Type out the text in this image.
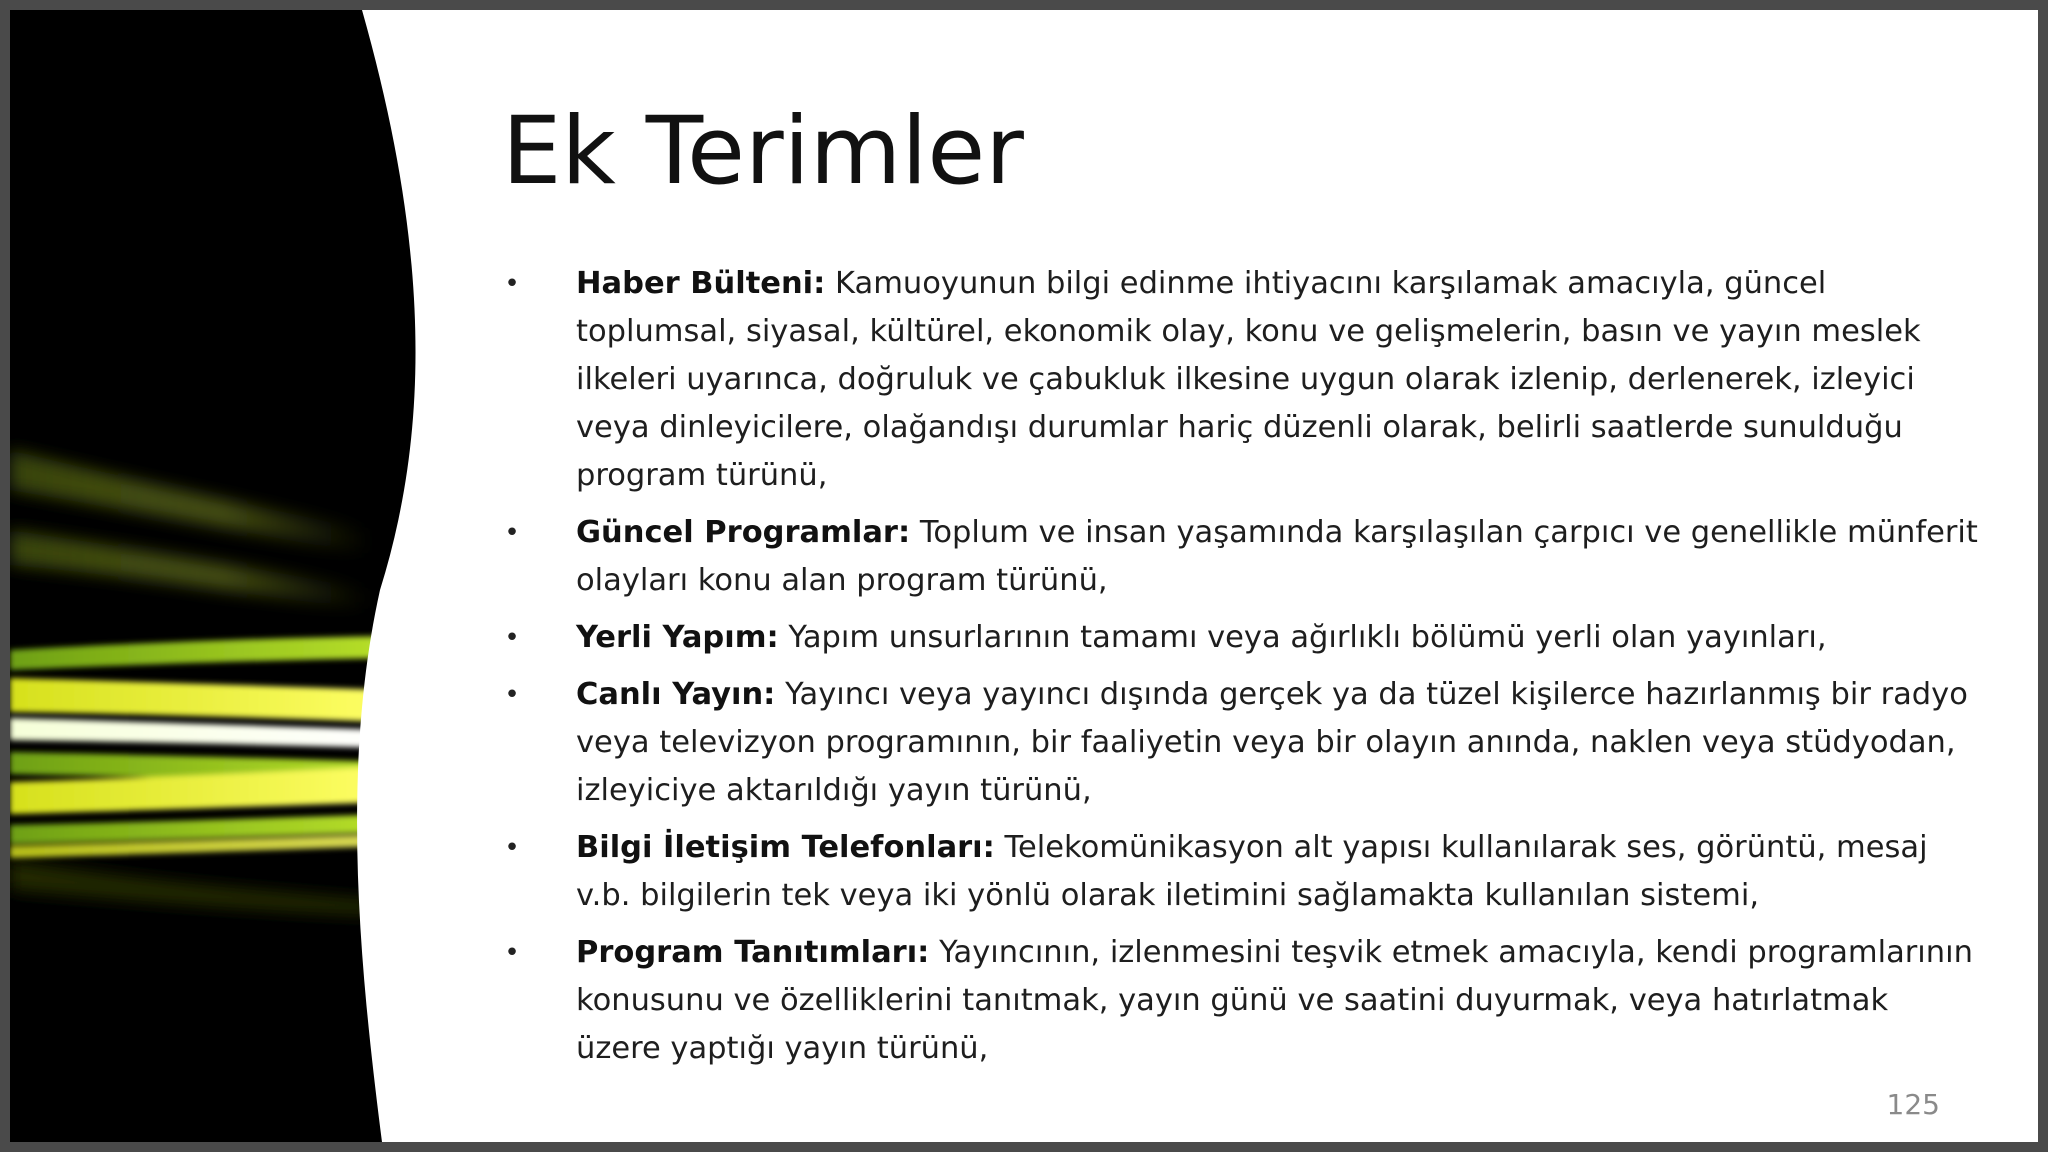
Ek Terimler
• Haber Bülteni: Kamuoyunun bilgi edinme ihtiyacını karşılamak amacıyla, güncel toplumsal, siyasal, kültürel, ekonomik olay, konu ve gelişmelerin, basın ve yayın meslek ilkeleri uyarınca, doğruluk ve çabukluk ilkesine uygun olarak izlenip, derlenerek, izleyici veya dinleyicilere, olağandışı durumlar hariç düzenli olarak, belirli saatlerde sunulduğu program türünü,
• Güncel Programlar: Toplum ve insan yaşamında karşılaşılan çarpıcı ve genellikle münferit olayları konu alan program türünü,
• Yerli Yapım: Yapım unsurlarının tamamı veya ağırlıklı bölümü yerli olan yayınları,
• Canlı Yayın: Yayıncı veya yayıncı dışında gerçek ya da tüzel kişilerce hazırlanmış bir radyo veya televizyon programının, bir faaliyetin veya bir olayın anında, naklen veya stüdyodan, izleyiciye aktarıldığı yayın türünü,
• Bilgi İletişim Telefonları: Telekomünikasyon alt yapısı kullanılarak ses, görüntü, mesaj v.b. bilgilerin tek veya iki yönlü olarak iletimini sağlamakta kullanılan sistemi,
• Program Tanıtımları: Yayıncının, izlenmesini teşvik etmek amacıyla, kendi programlarının konusunu ve özelliklerini tanıtmak, yayın günü ve saatini duyurmak, veya hatırlatmak üzere yaptığı yayın türünü,
125
